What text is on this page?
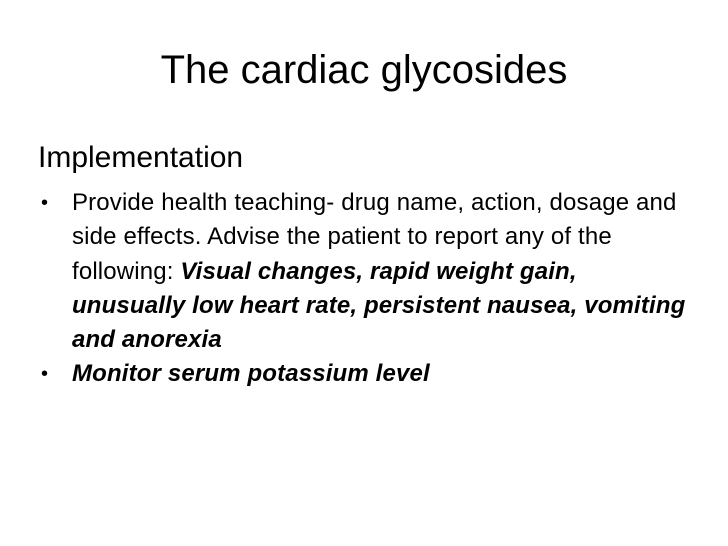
The cardiac glycosides
Implementation
• Provide health teaching- drug name, action, dosage and side effects. Advise the patient to report any of the following: Visual changes, rapid weight gain, unusually low heart rate, persistent nausea, vomiting and anorexia
• Monitor serum potassium level
